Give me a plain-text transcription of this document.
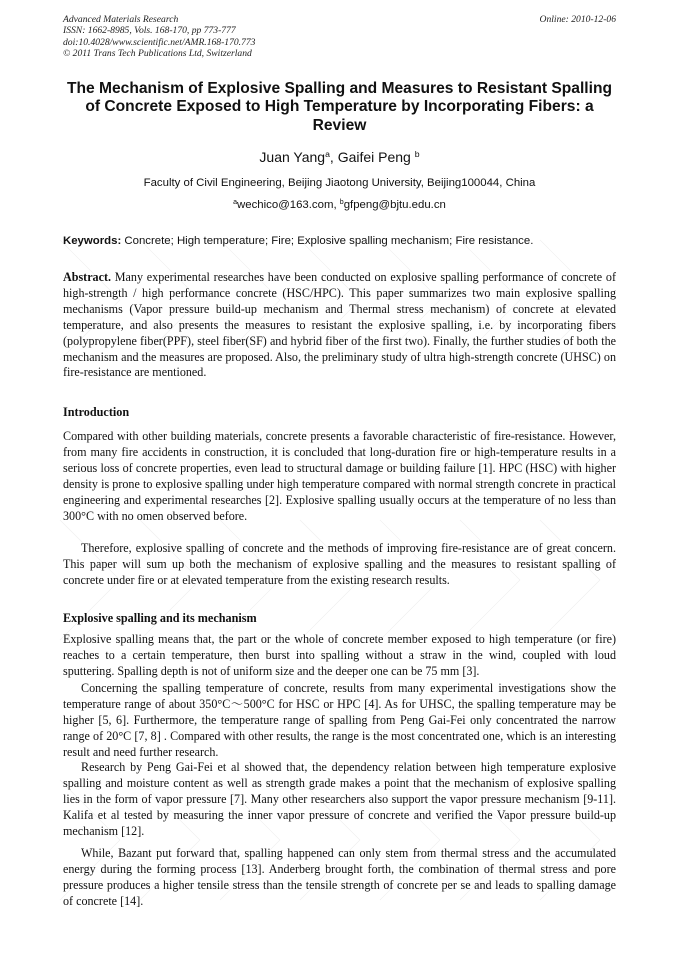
Advanced Materials Research
ISSN: 1662-8985, Vols. 168-170, pp 773-777
doi:10.4028/www.scientific.net/AMR.168-170.773
© 2011 Trans Tech Publications Ltd, Switzerland
Online: 2010-12-06
The Mechanism of Explosive Spalling and Measures to Resistant Spalling of Concrete Exposed to High Temperature by Incorporating Fibers: a Review
Juan Yang$^a$, Gaifei Peng $^b$
Faculty of Civil Engineering, Beijing Jiaotong University, Beijing100044, China
$^a$wechico@163.com, $^b$gfpeng@bjtu.edu.cn
Keywords: Concrete; High temperature; Fire; Explosive spalling mechanism; Fire resistance.
Abstract. Many experimental researches have been conducted on explosive spalling performance of concrete of high-strength / high performance concrete (HSC/HPC). This paper summarizes two main explosive spalling mechanisms (Vapor pressure build-up mechanism and Thermal stress mechanism) of concrete at elevated temperature, and also presents the measures to resistant the explosive spalling, i.e. by incorporating fibers (polypropylene fiber(PPF), steel fiber(SF) and hybrid fiber of the first two). Finally, the further studies of both the mechanism and the measures are proposed. Also, the preliminary study of ultra high-strength concrete (UHSC) on fire-resistance are mentioned.
Introduction
Compared with other building materials, concrete presents a favorable characteristic of fire-resistance. However, from many fire accidents in construction, it is concluded that long-duration fire or high-temperature results in a serious loss of concrete properties, even lead to structural damage or building failure [1]. HPC (HSC) with higher density is prone to explosive spalling under high temperature compared with normal strength concrete in practical engineering and experimental researches [2]. Explosive spalling usually occurs at the temperature of no less than 300°C with no omen observed before.
Therefore, explosive spalling of concrete and the methods of improving fire-resistance are of great concern. This paper will sum up both the mechanism of explosive spalling and the measures to resistant spalling of concrete under fire or at elevated temperature from the existing research results.
Explosive spalling and its mechanism
Explosive spalling means that, the part or the whole of concrete member exposed to high temperature (or fire) reaches to a certain temperature, then burst into spalling without a straw in the wind, coupled with loud sputtering. Spalling depth is not of uniform size and the deeper one can be 75 mm [3].
Concerning the spalling temperature of concrete, results from many experimental investigations show the temperature range of about 350°C～500°C for HSC or HPC [4]. As for UHSC, the spalling temperature may be higher [5, 6]. Furthermore, the temperature range of spalling from Peng Gai-Fei only concentrated the narrow range of 20°C [7, 8] . Compared with other results, the range is the most concentrated one, which is an interesting result and need further research.
Research by Peng Gai-Fei et al showed that, the dependency relation between high temperature explosive spalling and moisture content as well as strength grade makes a point that the mechanism of explosive spalling lies in the form of vapor pressure [7]. Many other researchers also support the vapor pressure mechanism [9-11]. Kalifa et al tested by measuring the inner vapor pressure of concrete and verified the Vapor pressure build-up mechanism [12].
While, Bazant put forward that, spalling happened can only stem from thermal stress and the accumulated energy during the forming process [13]. Anderberg brought forth, the combination of thermal stress and pore pressure produces a higher tensile stress than the tensile strength of concrete per se and leads to spalling damage of concrete [14].
